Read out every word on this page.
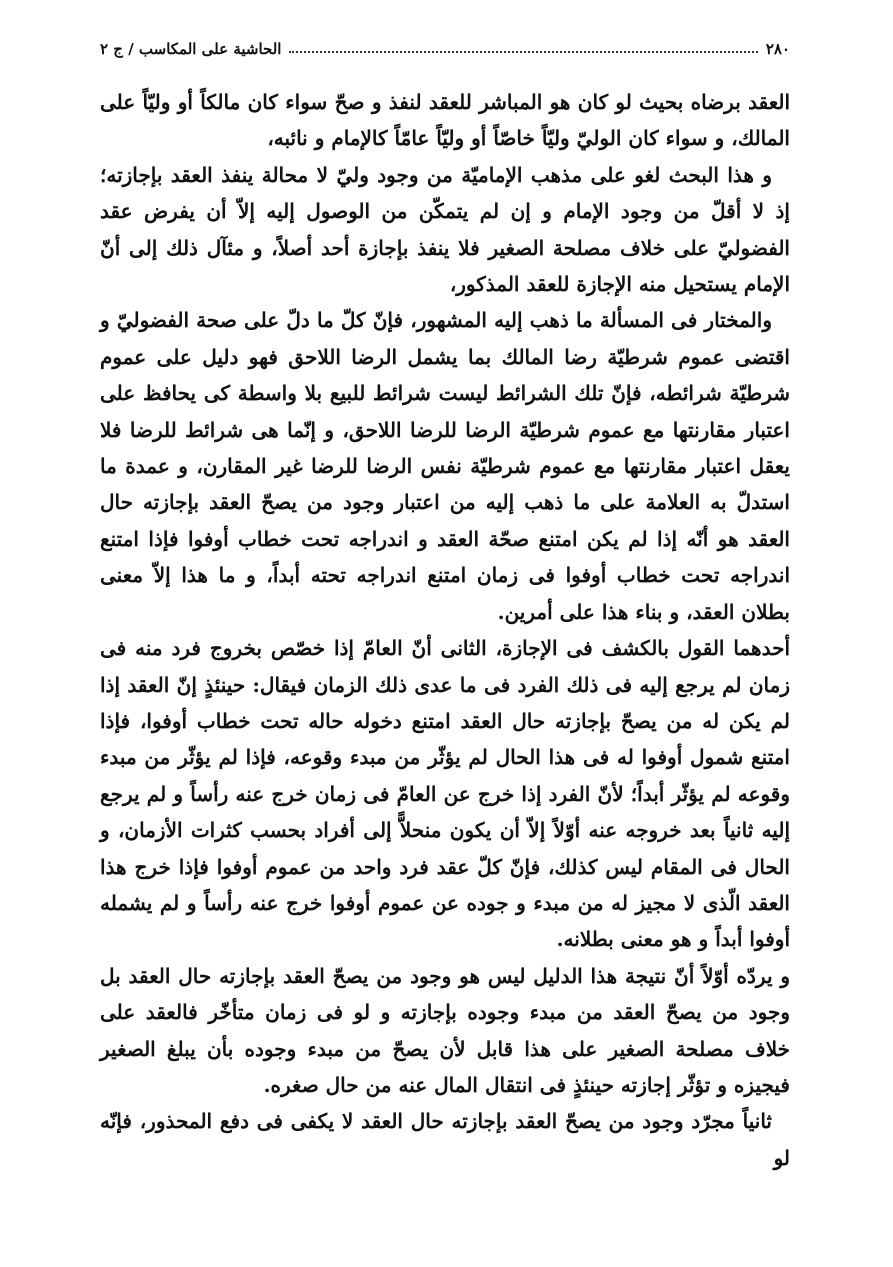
٢٨٠
الحاشية على المكاسب / ج ٢

العقد برضاه بحيث لو كان هو المباشر للعقد لنفذ و صحّ سواء كان مالكاً أو وليّاً على المالك، و سواء كان الوليّ وليّاً خاصّاً أو وليّاً عامّاً كالإمام و نائبه،

و هذا البحث لغو على مذهب الإماميّة من وجود وليّ لا محالة ينفذ العقد بإجازته؛ إذ لا أقلّ من وجود الإمام و إن لم يتمكّن من الوصول إليه إلاّ أن يفرض عقد الفضوليّ على خلاف مصلحة الصغير فلا ينفذ بإجازة أحد أصلاً، و مئآل ذلك إلى أنّ الإمام يستحيل منه الإجازة للعقد المذكور،

والمختار فى المسألة ما ذهب إليه المشهور، فإنّ كلّ ما دلّ على صحة الفضوليّ و اقتضى عموم شرطيّة رضا المالك بما يشمل الرضا اللاحق فهو دليل على عموم شرطيّة شرائطه، فإنّ تلك الشرائط ليست شرائط للبيع بلا واسطة كى يحافظ على اعتبار مقارنتها مع عموم شرطيّة الرضا للرضا اللاحق، و إنّما هى شرائط للرضا فلا يعقل اعتبار مقارنتها مع عموم شرطيّة نفس الرضا للرضا غير المقارن، و عمدة ما استدلّ به العلامة على ما ذهب إليه من اعتبار وجود من يصحّ العقد بإجازته حال العقد هو أنّه إذا لم يكن امتنع صحّة العقد و اندراجه تحت خطاب أوفوا فإذا امتنع اندراجه تحت خطاب أوفوا فى زمان امتنع اندراجه تحته أبداً، و ما هذا إلاّ معنى بطلان العقد، و بناء هذا على أمرين.

أحدهما القول بالكشف فى الإجازة، الثانى أنّ العامّ إذا خصّص بخروج فرد منه فى زمان لم يرجع إليه فى ذلك الفرد فى ما عدى ذلك الزمان فيقال: حينئذٍ إنّ العقد إذا لم يكن له من يصحّ بإجازته حال العقد امتنع دخوله حاله تحت خطاب أوفوا، فإذا امتنع شمول أوفوا له فى هذا الحال لم يؤثّر من مبدء وقوعه، فإذا لم يؤثّر من مبدء وقوعه لم يؤثّر أبداً؛ لأنّ الفرد إذا خرج عن العامّ فى زمان خرج عنه رأساً و لم يرجع إليه ثانياً بعد خروجه عنه أوّلاً إلاّ أن يكون منحلاًّ إلى أفراد بحسب كثرات الأزمان، و الحال فى المقام ليس كذلك، فإنّ كلّ عقد فرد واحد من عموم أوفوا فإذا خرج هذا العقد الّذى لا مجيز له من مبدء و جوده عن عموم أوفوا خرج عنه رأساً و لم يشمله أوفوا أبداً و هو معنى بطلانه.

و يردّه أوّلاً أنّ نتيجة هذا الدليل ليس هو وجود من يصحّ العقد بإجازته حال العقد بل وجود من يصحّ العقد من مبدء وجوده بإجازته و لو فى زمان متأخّر فالعقد على خلاف مصلحة الصغير على هذا قابل لأن يصحّ من مبدء وجوده بأن يبلغ الصغير فيجيزه و تؤثّر إجازته حينئذٍ فى انتقال المال عنه من حال صغره.

ثانياً مجرّد وجود من يصحّ العقد بإجازته حال العقد لا يكفى فى دفع المحذور، فإنّه لو
